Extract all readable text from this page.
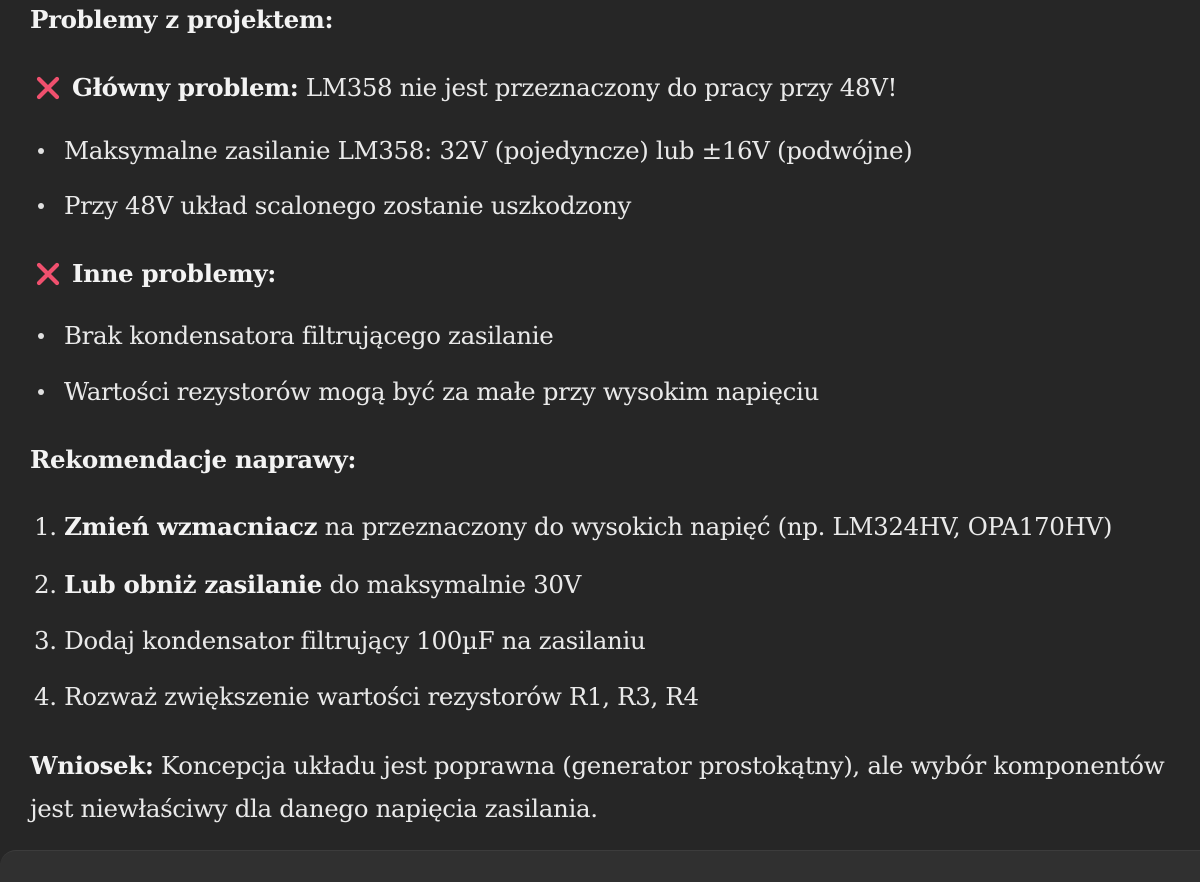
Problemy z projektem:
Główny problem: LM358 nie jest przeznaczony do pracy przy 48V!
Maksymalne zasilanie LM358: 32V (pojedyncze) lub ±16V (podwójne)
Przy 48V układ scalonego zostanie uszkodzony
Inne problemy:
Brak kondensatora filtrującego zasilanie
Wartości rezystorów mogą być za małe przy wysokim napięciu
Rekomendacje naprawy:
1. Zmień wzmacniacz na przeznaczony do wysokich napięć (np. LM324HV, OPA170HV)
2. Lub obniż zasilanie do maksymalnie 30V
3. Dodaj kondensator filtrujący 100µF na zasilaniu
4. Rozważ zwiększenie wartości rezystorów R1, R3, R4
Wniosek: Koncepcja układu jest poprawna (generator prostokątny), ale wybór komponentów
jest niewłaściwy dla danego napięcia zasilania.
